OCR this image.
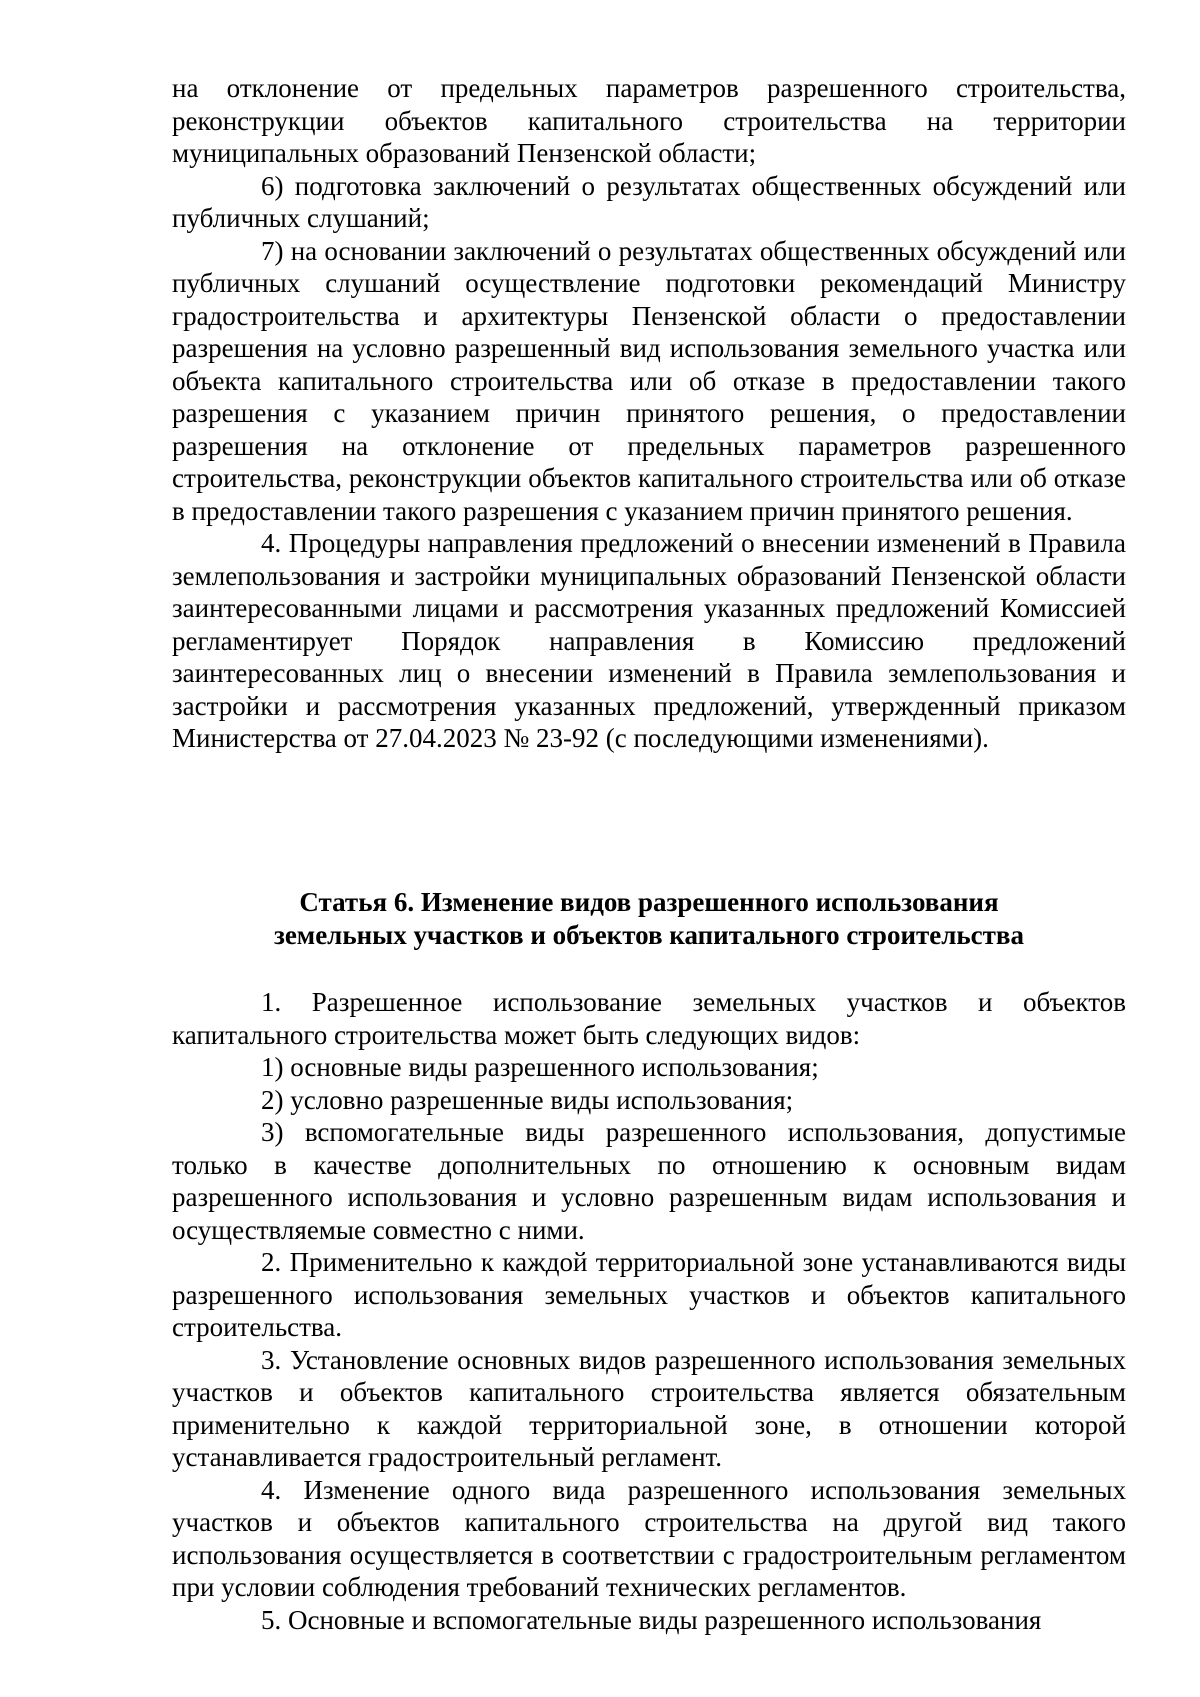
на отклонение от предельных параметров разрешенного строительства, реконструкции объектов капитального строительства на территории муниципальных образований Пензенской области;

6) подготовка заключений о результатах общественных обсуждений или публичных слушаний;

7) на основании заключений о результатах общественных обсуждений или публичных слушаний осуществление подготовки рекомендаций Министру градостроительства и архитектуры Пензенской области о предоставлении разрешения на условно разрешенный вид использования земельного участка или объекта капитального строительства или об отказе в предоставлении такого разрешения с указанием причин принятого решения, о предоставлении разрешения на отклонение от предельных параметров разрешенного строительства, реконструкции объектов капитального строительства или об отказе в предоставлении такого разрешения с указанием причин принятого решения.

4. Процедуры направления предложений о внесении изменений в Правила землепользования и застройки муниципальных образований Пензенской области заинтересованными лицами и рассмотрения указанных предложений Комиссией регламентирует Порядок направления в Комиссию предложений заинтересованных лиц о внесении изменений в Правила землепользования и застройки и рассмотрения указанных предложений, утвержденный приказом Министерства от 27.04.2023 № 23-92 (с последующими изменениями).

Статья 6. Изменение видов разрешенного использования

земельных участков и объектов капитального строительства

1. Разрешенное использование земельных участков и объектов капитального строительства может быть следующих видов:

1) основные виды разрешенного использования;

2) условно разрешенные виды использования;

3) вспомогательные виды разрешенного использования, допустимые только в качестве дополнительных по отношению к основным видам разрешенного использования и условно разрешенным видам использования и осуществляемые совместно с ними.

2. Применительно к каждой территориальной зоне устанавливаются виды разрешенного использования земельных участков и объектов капитального строительства.

3. Установление основных видов разрешенного использования земельных участков и объектов капитального строительства является обязательным применительно к каждой территориальной зоне, в отношении которой устанавливается градостроительный регламент.

4. Изменение одного вида разрешенного использования земельных участков и объектов капитального строительства на другой вид такого использования осуществляется в соответствии с градостроительным регламентом при условии соблюдения требований технических регламентов.

5. Основные и вспомогательные виды разрешенного использования
